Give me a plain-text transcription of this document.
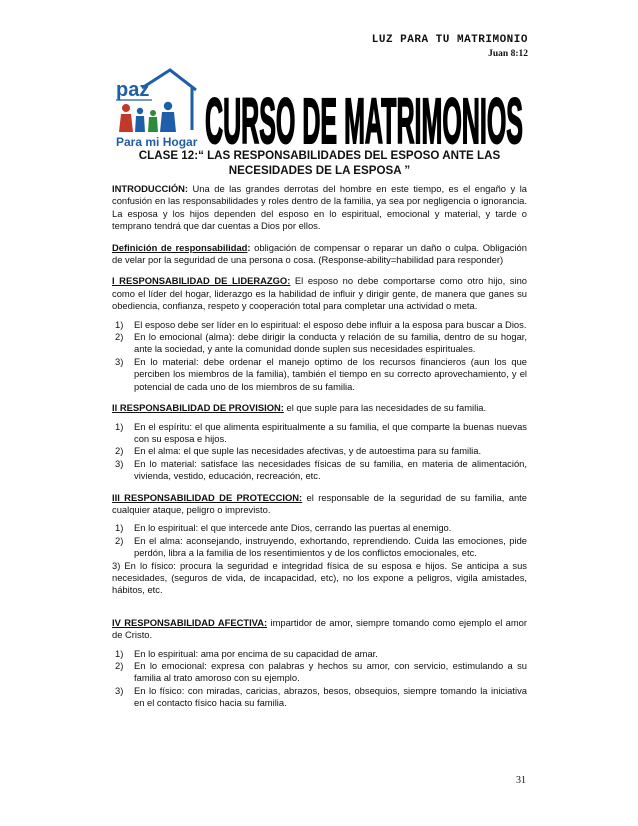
LUZ PARA TU MATRIMONIO
Juan 8:12
paz
Para mi Hogar CURSO DE MATRIMONIOS
CLASE 12:“ LAS RESPONSABILIDADES DEL ESPOSO ANTE LAS
NECESIDADES DE LA ESPOSA ”

INTRODUCCIÓN: Una de las grandes derrotas del hombre en este tiempo, es el engaño y la confusión en las responsabilidades y roles dentro de la familia, ya sea por negligencia o ignorancia. La esposa y los hijos dependen del esposo en lo espiritual, emocional y material, y tarde o temprano tendrá que dar cuentas a Dios por ellos.

Definición de responsabilidad: obligación de compensar o reparar un daño o culpa. Obligación de velar por la seguridad de una persona o cosa. (Response-ability=habilidad para responder)

I RESPONSABILIDAD DE LIDERAZGO: El esposo no debe comportarse como otro hijo, sino como el líder del hogar, liderazgo es la habilidad de influir y dirigir gente, de manera que ganes su obediencia, confianza, respeto y cooperación total para completar una actividad o meta.

1) El esposo debe ser líder en lo espiritual: el esposo debe influir a la esposa para buscar a Dios.
2) En lo emocional (alma): debe dirigir la conducta y relación de su familia, dentro de su hogar, ante la sociedad, y ante la comunidad donde suplen sus necesidades espirituales.
3) En lo material: debe ordenar el manejo optimo de los recursos financieros (aun los que perciben los miembros de la familia), también el tiempo en su correcto aprovechamiento, y el potencial de cada uno de los miembros de su familia.

II RESPONSABILIDAD DE PROVISION: el que suple para las necesidades de su familia.

1) En el espíritu: el que alimenta espiritualmente a su familia, el que comparte la buenas nuevas con su esposa e hijos.
2) En el alma: el que suple las necesidades afectivas, y de autoestima para su familia.
3) En lo material: satisface las necesidades físicas de su familia, en materia de alimentación, vivienda, vestido, educación, recreación, etc.

III RESPONSABILIDAD DE PROTECCION: el responsable de la seguridad de su familia, ante cualquier ataque, peligro o imprevisto.

1) En lo espiritual: el que intercede ante Dios, cerrando las puertas al enemigo.
2) En el alma: aconsejando, instruyendo, exhortando, reprendiendo. Cuida las emociones, pide perdón, libra a la familia de los resentimientos y de los conflictos emocionales, etc.

3) En lo físico: procura la seguridad e integridad física de su esposa e hijos. Se anticipa a sus necesidades, (seguros de vida, de incapacidad, etc), no los expone a peligros, vigila amistades, hábitos, etc.

IV RESPONSABILIDAD AFECTIVA: impartidor de amor, siempre tomando como ejemplo el amor de Cristo.

1) En lo espiritual: ama por encima de su capacidad de amar.
2) En lo emocional: expresa con palabras y hechos su amor, con servicio, estimulando a su familia al trato amoroso con su ejemplo.
3) En lo físico: con miradas, caricias, abrazos, besos, obsequios, siempre tomando la iniciativa en el contacto físico hacia su familia.
31
